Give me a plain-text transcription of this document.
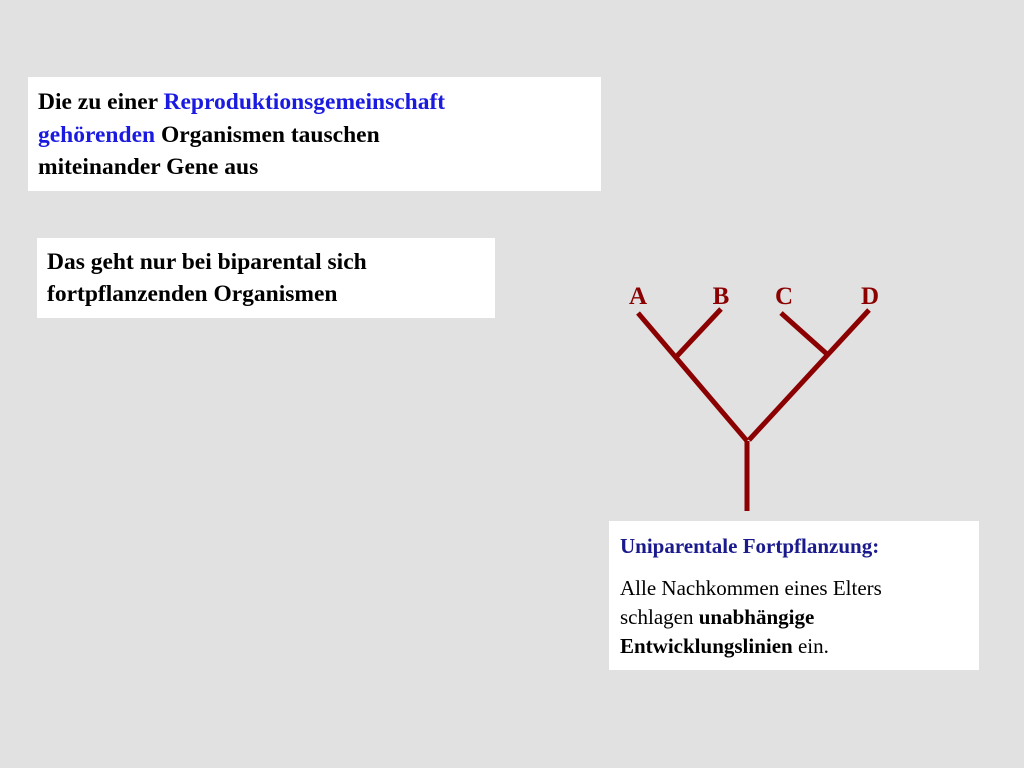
Die zu einer Reproduktionsgemeinschaft
gehörenden Organismen tauschen
miteinander Gene aus
Das geht nur bei biparental sich
fortpflanzenden Organismen	A	B C	D
Uniparentale Fortpflanzung:
Alle Nachkommen eines Elters
schlagen unabhängige
Entwicklungslinien ein.
